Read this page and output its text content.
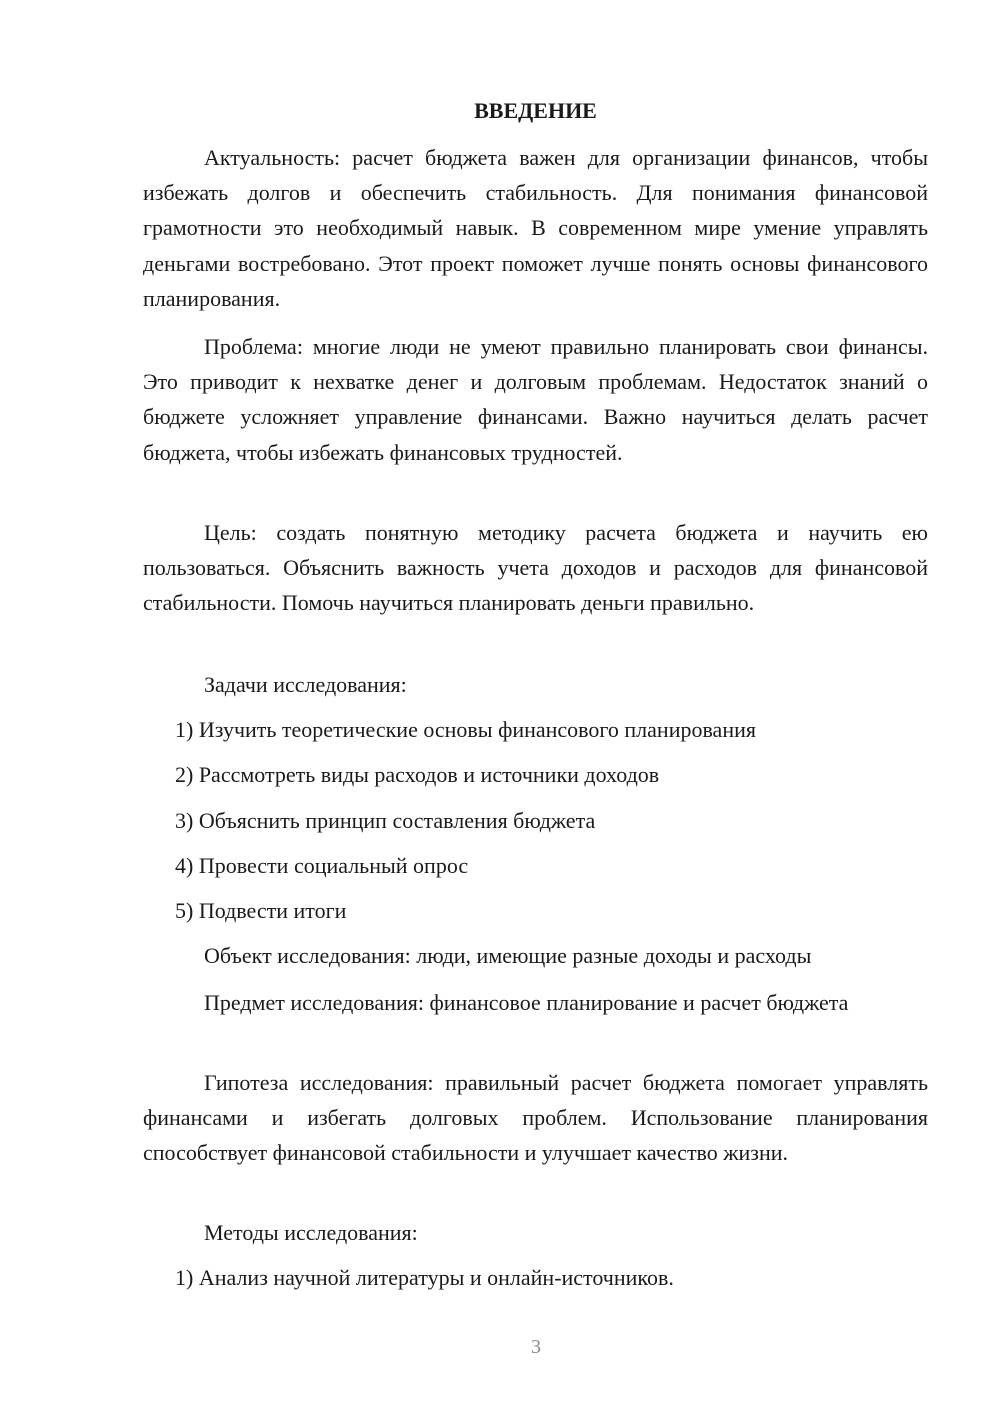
ВВЕДЕНИЕ

Актуальность: расчет бюджета важен для организации финансов, чтобы избежать долгов и обеспечить стабильность. Для понимания финансовой грамотности это необходимый навык. В современном мире умение управлять деньгами востребовано. Этот проект поможет лучше понять основы финансового планирования.

Проблема: многие люди не умеют правильно планировать свои финансы. Это приводит к нехватке денег и долговым проблемам. Недостаток знаний о бюджете усложняет управление финансами. Важно научиться делать расчет бюджета, чтобы избежать финансовых трудностей.

Цель: создать понятную методику расчета бюджета и научить ею пользоваться. Объяснить важность учета доходов и расходов для финансовой стабильности. Помочь научиться планировать деньги правильно.

Задачи исследования:

1) Изучить теоретические основы финансового планирования

2) Рассмотреть виды расходов и источники доходов

3) Объяснить принцип составления бюджета

4) Провести социальный опрос

5) Подвести итоги

Объект исследования: люди, имеющие разные доходы и расходы

Предмет исследования: финансовое планирование и расчет бюджета

Гипотеза исследования: правильный расчет бюджета помогает управлять финансами и избегать долговых проблем. Использование планирования способствует финансовой стабильности и улучшает качество жизни.

Методы исследования:

1) Анализ научной литературы и онлайн-источников.

3
